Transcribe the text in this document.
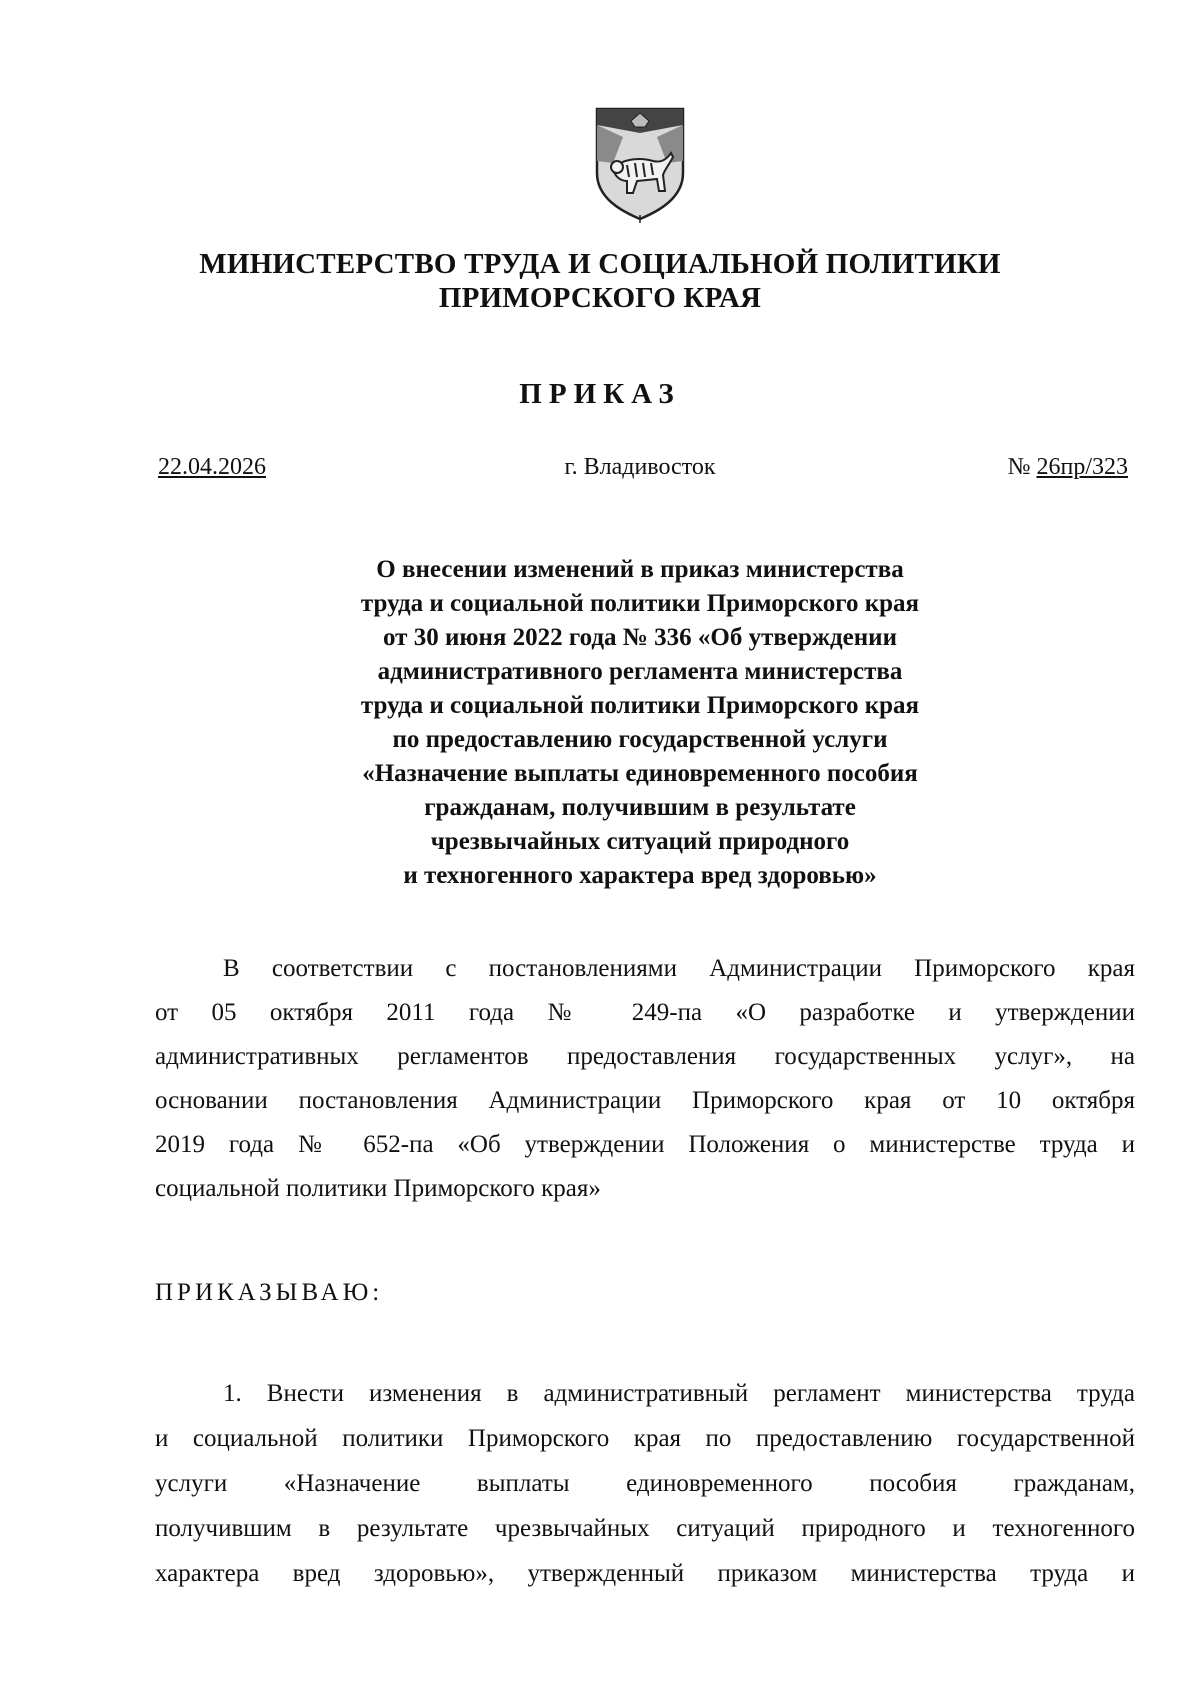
МИНИСТЕРСТВО ТРУДА И СОЦИАЛЬНОЙ ПОЛИТИКИ
ПРИМОРСКОГО КРАЯ
ПРИКАЗ
22.04.2026	г. Владивосток	№ 26пр/323
О внесении изменений в приказ министерства
труда и социальной политики Приморского края
от 30 июня 2022 года № 336 «Об утверждении
административного регламента министерства
труда и социальной политики Приморского края
по предоставлению государственной услуги
«Назначение выплаты единовременного пособия
гражданам, получившим в результате
чрезвычайных ситуаций природного
и техногенного характера вред здоровью»
В соответствии с постановлениями Администрации Приморского края
от 05 октября 2011 года № 249-па «О разработке и утверждении
административных регламентов предоставления государственных услуг», на
основании постановления Администрации Приморского края от 10 октября
2019 года № 652-па «Об утверждении Положения о министерстве труда и
социальной политики Приморского края»
ПРИКАЗЫВАЮ:
1. Внести изменения в административный регламент министерства труда
и социальной политики Приморского края по предоставлению государственной
услуги «Назначение выплаты единовременного пособия гражданам,
получившим в результате чрезвычайных ситуаций природного и техногенного
характера вред здоровью», утвержденный приказом министерства труда и
